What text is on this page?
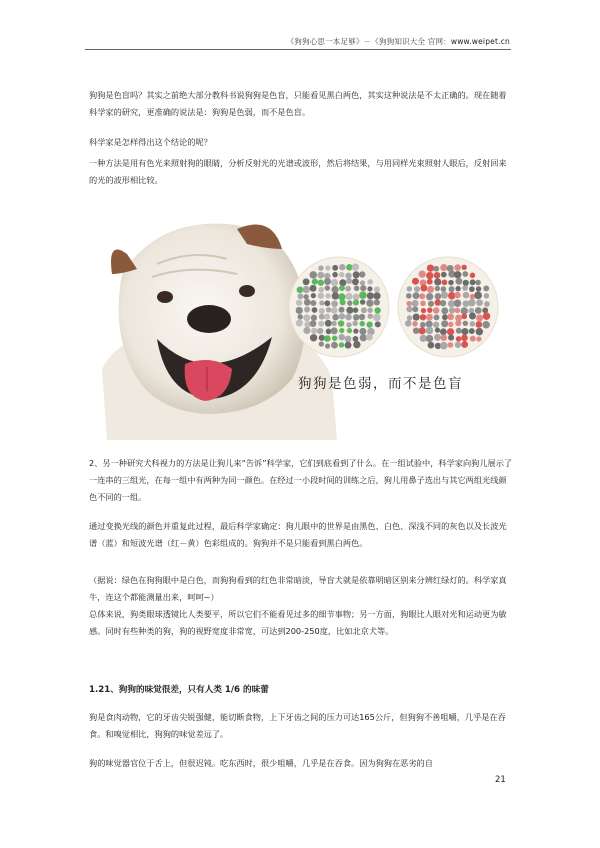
《狗狗心思一本足够》－《狗狗知识大全 官网：www.weipet.cn

狗狗是色盲吗？其实之前绝大部分教科书说狗狗是色盲，只能看见黑白两色，其实这种说法是不太正确的。现在随着科学家的研究，更准确的说法是：狗狗是色弱，而不是色盲。

科学家是怎样得出这个结论的呢？

一种方法是用有色光来照射狗的眼睛，分析反射光的光谱或波形，然后将结果，与用同样光束照射人眼后，反射回来的光的波形相比较。

狗狗是色弱，而不是色盲

2、另一种研究犬科视力的方法是让狗儿来“告诉”科学家，它们到底看到了什么。在一组试验中，科学家向狗儿展示了一连串的三组光，在每一组中有两种为同一颜色。在经过一小段时间的训练之后，狗儿用鼻子选出与其它两组光线颜色不同的一组。

通过变换光线的颜色并重复此过程，最后科学家确定：狗儿眼中的世界是由黑色、白色、深浅不同的灰色以及长波光谱（蓝）和短波光谱（红－黄）色彩组成的。狗狗并不是只能看到黑白两色。

（据说：绿色在狗狗眼中是白色，而狗狗看到的红色非常暗淡，导盲犬就是依靠明暗区别来分辨红绿灯的。科学家真牛，连这个都能测量出来，呵呵~）

总体来说，狗类眼球透镜比人类要平，所以它们不能看见过多的细节事物；另一方面，狗眼比人眼对光和运动更为敏感。同时有些种类的狗，狗的视野宽度非常宽，可达到200-250度，比如北京犬等。

1.21、狗狗的味觉很差，只有人类 1/6 的味蕾

狗是食肉动物，它的牙齿尖锐强健，能切断食物，上下牙齿之间的压力可达165公斤，但狗狗不善咀嚼，几乎是在吞食。和嗅觉相比，狗狗的味觉差远了。

狗的味觉器官位于舌上，但很迟钝。吃东西时，很少咀嚼，几乎是在吞食。因为狗狗在恶劣的自

21
